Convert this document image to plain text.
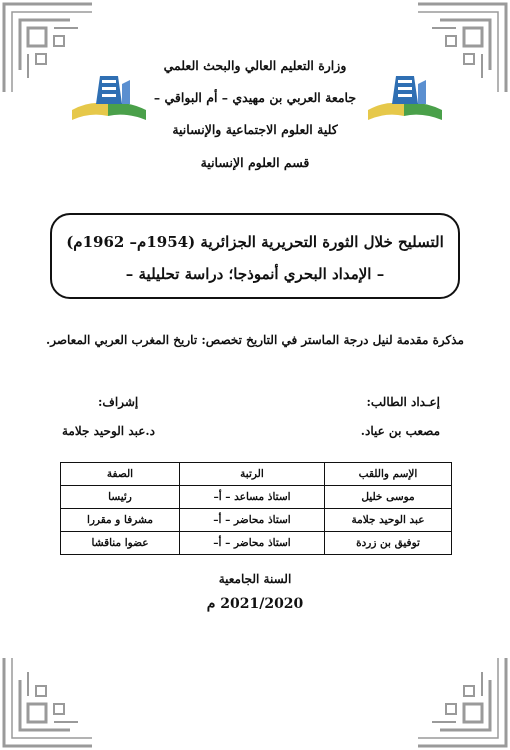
وزارة التعليم العالي والبحث العلمي
جامعة العربي بن مهيدي – أم البواقي –
كلية العلوم الاجتماعية والإنسانية
قسم العلوم الإنسانية
التسليح خلال الثورة التحريرية الجزائرية (1954م– 1962م)
– الإمداد البحري أنموذجا؛ دراسة تحليلية –
مذكرة مقدمة لنيل درجة الماستر في التاريخ تخصص: تاريخ المغرب العربي المعاصر.
إعـداد الطالب:
مصعب بن عياد.
إشراف:
د.عبد الوحيد جلامة
الإسم واللقب	الرتبة	الصفة
موسى خليل	استاذ مساعد – أ–	رئيسا
عبد الوحيد جلامة	استاذ محاضر – أ–	مشرفا و مقررا
توفيق بن زردة	استاذ محاضر – أ–	عضوا مناقشا
السنة الجامعية
2021/2020 م
